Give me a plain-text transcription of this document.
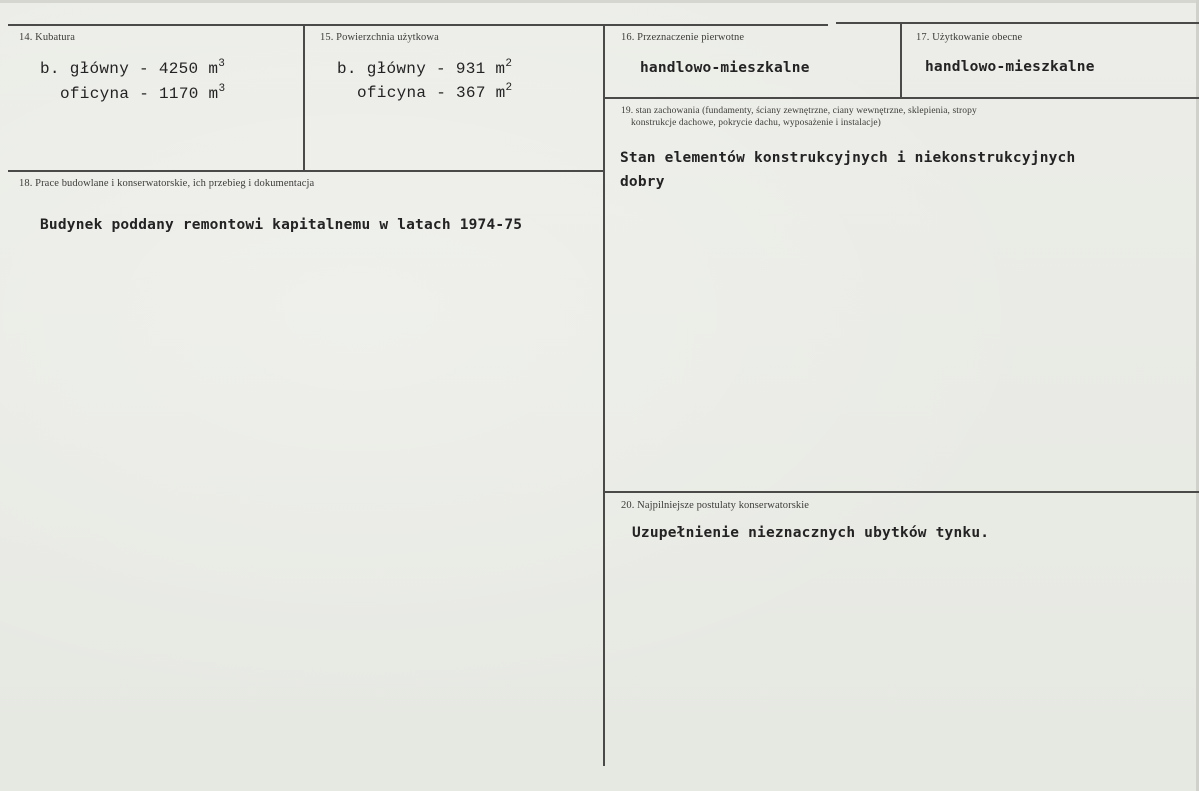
14. Kubatura
b. główny - 4250 $m^3$
oficyna - 1170 $m^3$
15. Powierzchnia użytkowa
b. główny - 931 $m^2$
oficyna - 367 $m^2$
16. Przeznaczenie pierwotne
handlowo-mieszkalne
17. Użytkowanie obecne
handlowo-mieszkalne
19. stan zachowania (fundamenty, ściany zewnętrzne, ciany wewnętrzne, sklepienia, stropy
konstrukcje dachowe, pokrycie dachu, wyposażenie i instalacje)
Stan elementów konstrukcyjnych i niekonstrukcyjnych
dobry
18. Prace budowlane i konserwatorskie, ich przebieg i dokumentacja
Budynek poddany remontowi kapitalnemu w latach 1974-75
20. Najpilniejsze postulaty konserwatorskie
Uzupełnienie nieznacznych ubytków tynku.
